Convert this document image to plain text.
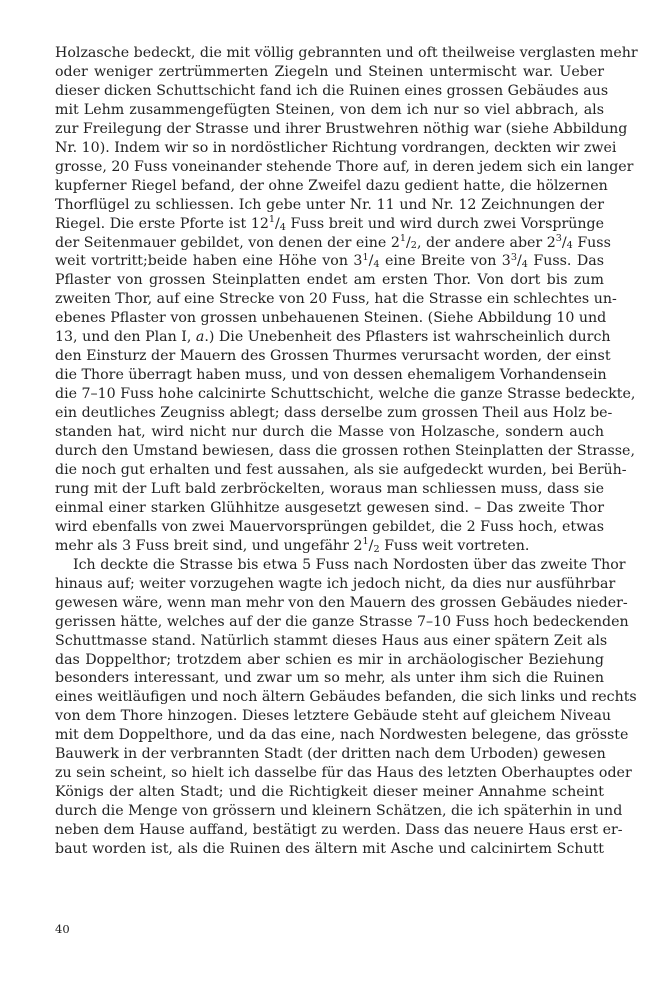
Holzasche bedeckt, die mit völlig gebrannten und oft theilweise verglasten mehr
oder weniger zertrümmerten Ziegeln und Steinen untermischt war. Ueber
dieser dicken Schuttschicht fand ich die Ruinen eines grossen Gebäudes aus
mit Lehm zusammengefügten Steinen, von dem ich nur so viel abbrach, als
zur Freilegung der Strasse und ihrer Brustwehren nöthig war (siehe Abbildung
Nr. 10). Indem wir so in nordöstlicher Richtung vordrangen, deckten wir zwei
grosse, 20 Fuss voneinander stehende Thore auf, in deren jedem sich ein langer
kupferner Riegel befand, der ohne Zweifel dazu gedient hatte, die hölzernen
Thorflügel zu schliessen. Ich gebe unter Nr. 11 und Nr. 12 Zeichnungen der
Riegel. Die erste Pforte ist $12^1/_4$ Fuss breit und wird durch zwei Vorsprünge
der Seitenmauer gebildet, von denen der eine $2^1/_2$, der andere aber $2^3/_4$ Fuss
weit vortritt;beide haben eine Höhe von $3^1/_4$ eine Breite von $3^3/_4$ Fuss. Das
Pflaster von grossen Steinplatten endet am ersten Thor. Von dort bis zum
zweiten Thor, auf eine Strecke von 20 Fuss, hat die Strasse ein schlechtes un-
ebenes Pflaster von grossen unbehauenen Steinen. (Siehe Abbildung 10 und
13, und den Plan I, a.) Die Unebenheit des Pflasters ist wahrscheinlich durch
den Einsturz der Mauern des Grossen Thurmes verursacht worden, der einst
die Thore überragt haben muss, und von dessen ehemaligem Vorhandensein
die 7–10 Fuss hohe calcinirte Schuttschicht, welche die ganze Strasse bedeckte,
ein deutliches Zeugniss ablegt; dass derselbe zum grossen Theil aus Holz be-
standen hat, wird nicht nur durch die Masse von Holzasche, sondern auch
durch den Umstand bewiesen, dass die grossen rothen Steinplatten der Strasse,
die noch gut erhalten und fest aussahen, als sie aufgedeckt wurden, bei Berüh-
rung mit der Luft bald zerbröckelten, woraus man schliessen muss, dass sie
einmal einer starken Glühhitze ausgesetzt gewesen sind. – Das zweite Thor
wird ebenfalls von zwei Mauervorsprüngen gebildet, die 2 Fuss hoch, etwas
mehr als 3 Fuss breit sind, und ungefähr $2^1/_2$ Fuss weit vortreten.
Ich deckte die Strasse bis etwa 5 Fuss nach Nordosten über das zweite Thor
hinaus auf; weiter vorzugehen wagte ich jedoch nicht, da dies nur ausführbar
gewesen wäre, wenn man mehr von den Mauern des grossen Gebäudes nieder-
gerissen hätte, welches auf der die ganze Strasse 7–10 Fuss hoch bedeckenden
Schuttmasse stand. Natürlich stammt dieses Haus aus einer spätern Zeit als
das Doppelthor; trotzdem aber schien es mir in archäologischer Beziehung
besonders interessant, und zwar um so mehr, als unter ihm sich die Ruinen
eines weitläufigen und noch ältern Gebäudes befanden, die sich links und rechts
von dem Thore hinzogen. Dieses letztere Gebäude steht auf gleichem Niveau
mit dem Doppelthore, und da das eine, nach Nordwesten belegene, das grösste
Bauwerk in der verbrannten Stadt (der dritten nach dem Urboden) gewesen
zu sein scheint, so hielt ich dasselbe für das Haus des letzten Oberhauptes oder
Königs der alten Stadt; und die Richtigkeit dieser meiner Annahme scheint
durch die Menge von grössern und kleinern Schätzen, die ich späterhin in und
neben dem Hause auffand, bestätigt zu werden. Dass das neuere Haus erst er-
baut worden ist, als die Ruinen des ältern mit Asche und calcinirtem Schutt
40
